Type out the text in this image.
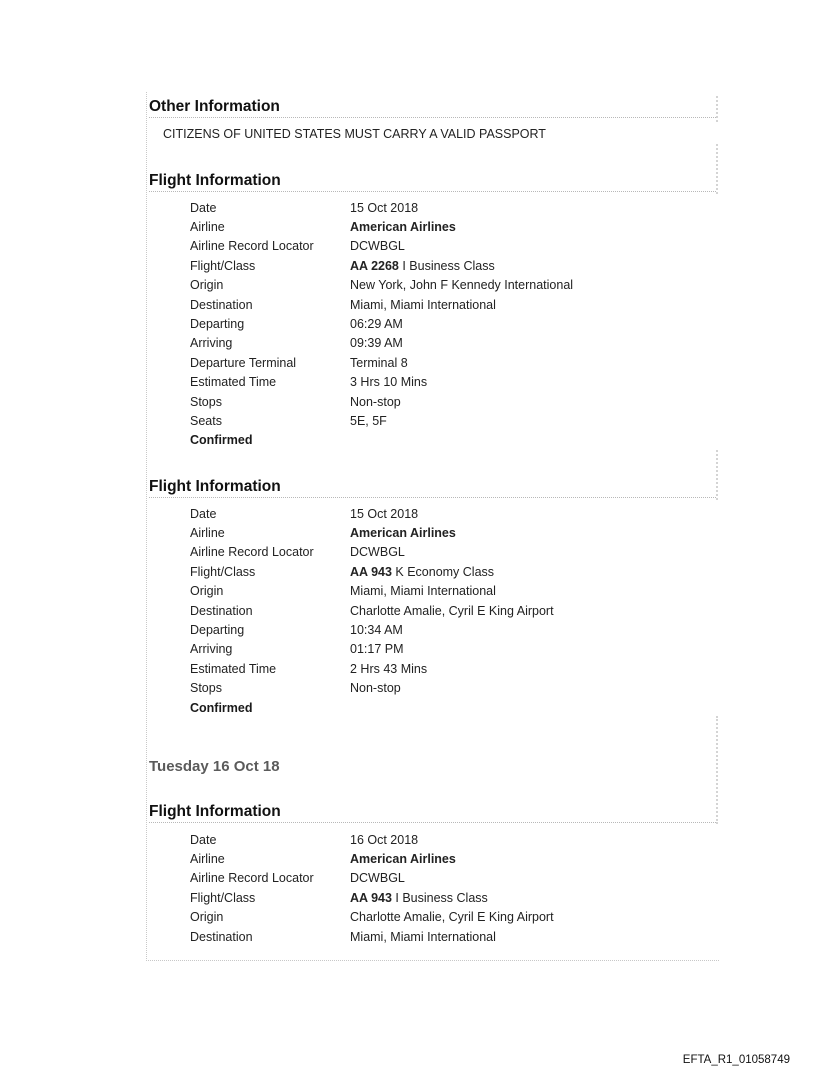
Other Information
CITIZENS OF UNITED STATES MUST CARRY A VALID PASSPORT
Flight Information
Date	15 Oct 2018
Airline	American Airlines
Airline Record Locator	DCWBGL
Flight/Class	AA 2268 I Business Class
Origin	New York, John F Kennedy International
Destination	Miami, Miami International
Departing	06:29 AM
Arriving	09:39 AM
Departure Terminal	Terminal 8
Estimated Time	3 Hrs 10 Mins
Stops	Non-stop
Seats	5E, 5F
Confirmed
Flight Information
Date	15 Oct 2018
Airline	American Airlines
Airline Record Locator	DCWBGL
Flight/Class	AA 943 K Economy Class
Origin	Miami, Miami International
Destination	Charlotte Amalie, Cyril E King Airport
Departing	10:34 AM
Arriving	01:17 PM
Estimated Time	2 Hrs 43 Mins
Stops	Non-stop
Confirmed
Tuesday 16 Oct 18
Flight Information
Date	16 Oct 2018
Airline	American Airlines
Airline Record Locator	DCWBGL
Flight/Class	AA 943 I Business Class
Origin	Charlotte Amalie, Cyril E King Airport
Destination	Miami, Miami International
EFTA_R1_01058749
